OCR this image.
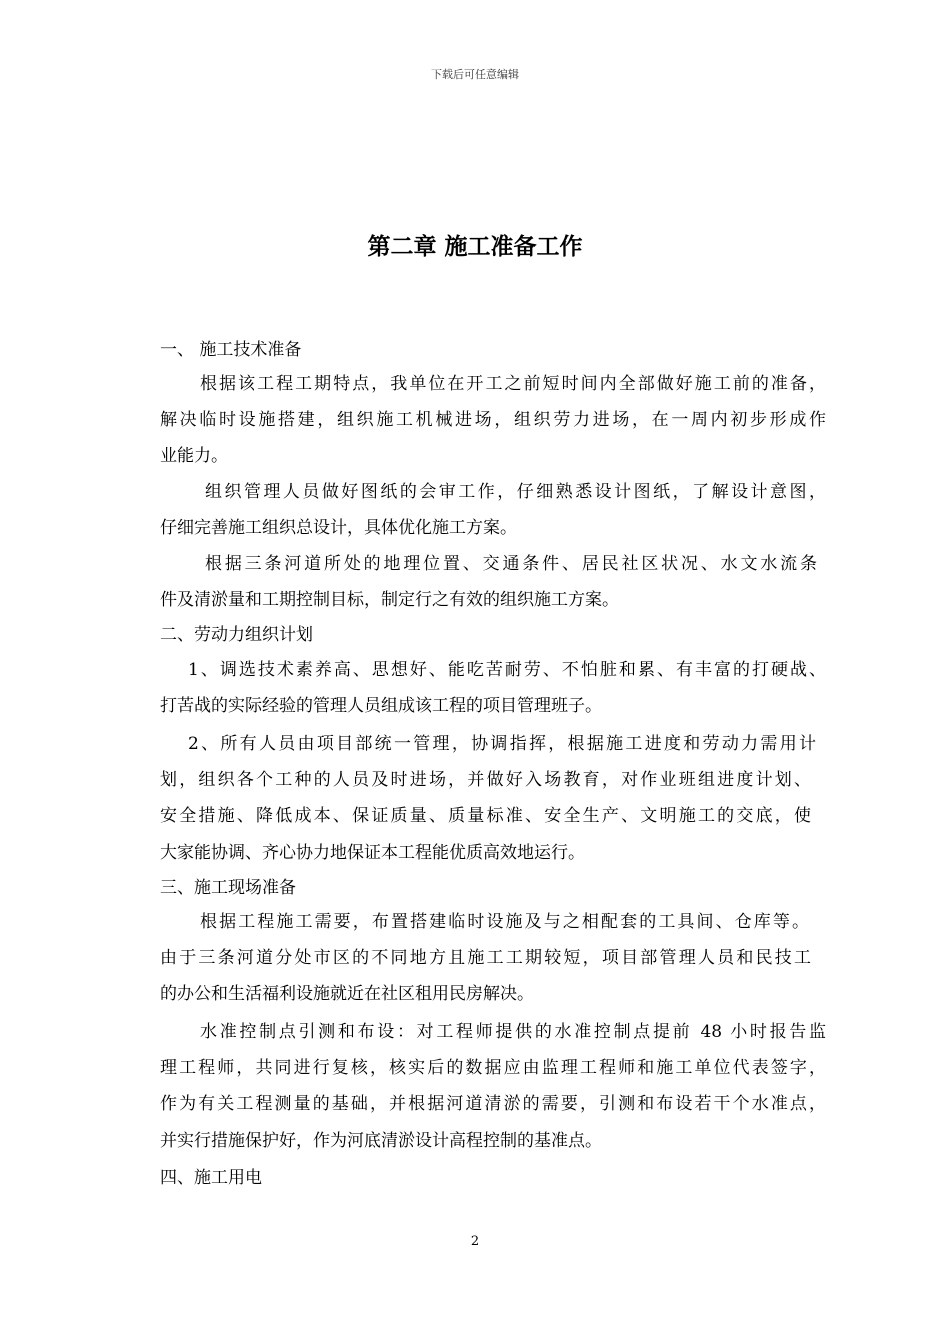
下载后可任意编辑
第二章 施工准备工作
一、 施工技术准备
根据该工程工期特点，我单位在开工之前短时间内全部做好施工前的准备，
解决临时设施搭建，组织施工机械进场，组织劳力进场，在一周内初步形成作
业能力。
组织管理人员做好图纸的会审工作，仔细熟悉设计图纸，了解设计意图，
仔细完善施工组织总设计，具体优化施工方案。
根据三条河道所处的地理位置、交通条件、居民社区状况、水文水流条
件及清淤量和工期控制目标，制定行之有效的组织施工方案。
二、劳动力组织计划
1、调选技术素养高、思想好、能吃苦耐劳、不怕脏和累、有丰富的打硬战、
打苦战的实际经验的管理人员组成该工程的项目管理班子。
2、所有人员由项目部统一管理，协调指挥，根据施工进度和劳动力需用计
划，组织各个工种的人员及时进场，并做好入场教育，对作业班组进度计划、
安全措施、降低成本、保证质量、质量标准、安全生产、文明施工的交底，使
大家能协调、齐心协力地保证本工程能优质高效地运行。
三、施工现场准备
根据工程施工需要，布置搭建临时设施及与之相配套的工具间、仓库等。
由于三条河道分处市区的不同地方且施工工期较短，项目部管理人员和民技工
的办公和生活福利设施就近在社区租用民房解决。
水准控制点引测和布设：对工程师提供的水准控制点提前 48 小时报告监
理工程师，共同进行复核，核实后的数据应由监理工程师和施工单位代表签字，
作为有关工程测量的基础，并根据河道清淤的需要，引测和布设若干个水准点，
并实行措施保护好，作为河底清淤设计高程控制的基准点。
四、施工用电
2
